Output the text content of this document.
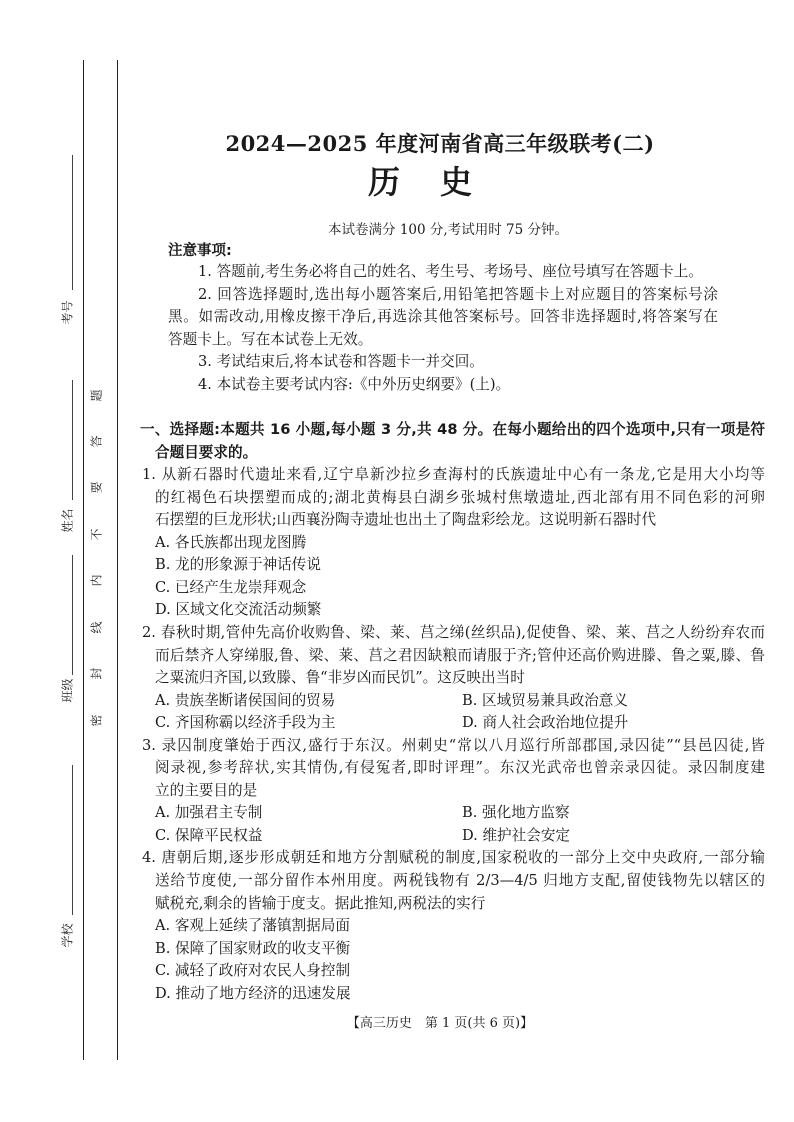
考号
姓名
班级
学校
密
封
线
内
不
要
答
题
2024—2025 年度河南省高三年级联考(二)
历史
本试卷满分 100 分,考试用时 75 分钟。
注意事项:
1. 答题前,考生务必将自己的姓名、考生号、考场号、座位号填写在答题卡上。
2. 回答选择题时,选出每小题答案后,用铅笔把答题卡上对应题目的答案标号涂
黑。如需改动,用橡皮擦干净后,再选涂其他答案标号。回答非选择题时,将答案写在
答题卡上。写在本试卷上无效。
3. 考试结束后,将本试卷和答题卡一并交回。
4. 本试卷主要考试内容:《中外历史纲要》(上)。
一、选择题:本题共 16 小题,每小题 3 分,共 48 分。在每小题给出的四个选项中,只有一项是符
合题目要求的。
1. 从新石器时代遗址来看,辽宁阜新沙拉乡查海村的氏族遗址中心有一条龙,它是用大小均等
的红褐色石块摆塑而成的;湖北黄梅县白湖乡张城村焦墩遗址,西北部有用不同色彩的河卵
石摆塑的巨龙形状;山西襄汾陶寺遗址也出土了陶盘彩绘龙。这说明新石器时代
A. 各氏族都出现龙图腾
B. 龙的形象源于神话传说
C. 已经产生龙崇拜观念
D. 区域文化交流活动频繁
2. 春秋时期,管仲先高价收购鲁、梁、莱、莒之绨(丝织品),促使鲁、梁、莱、莒之人纷纷弃农而
而后禁齐人穿绨服,鲁、梁、莱、莒之君因缺粮而请服于齐;管仲还高价购进滕、鲁之粟,滕、鲁
之粟流归齐国,以致滕、鲁“非岁凶而民饥”。这反映出当时
A. 贵族垄断诸侯国间的贸易	B. 区域贸易兼具政治意义
C. 齐国称霸以经济手段为主	D. 商人社会政治地位提升
3. 录囚制度肇始于西汉,盛行于东汉。州刺史“常以八月巡行所部郡国,录囚徒”“县邑囚徒,皆
阅录视,参考辞状,实其情伪,有侵冤者,即时评理”。东汉光武帝也曾亲录囚徒。录囚制度建
立的主要目的是
A. 加强君主专制	B. 强化地方监察
C. 保障平民权益	D. 维护社会安定
4. 唐朝后期,逐步形成朝廷和地方分割赋税的制度,国家税收的一部分上交中央政府,一部分输
送给节度使,一部分留作本州用度。两税钱物有 2/3—4/5 归地方支配,留使钱物先以辖区的
赋税充,剩余的皆输于度支。据此推知,两税法的实行
A. 客观上延续了藩镇割据局面
B. 保障了国家财政的收支平衡
C. 减轻了政府对农民人身控制
D. 推动了地方经济的迅速发展
【高三历史　第 1 页(共 6 页)】
